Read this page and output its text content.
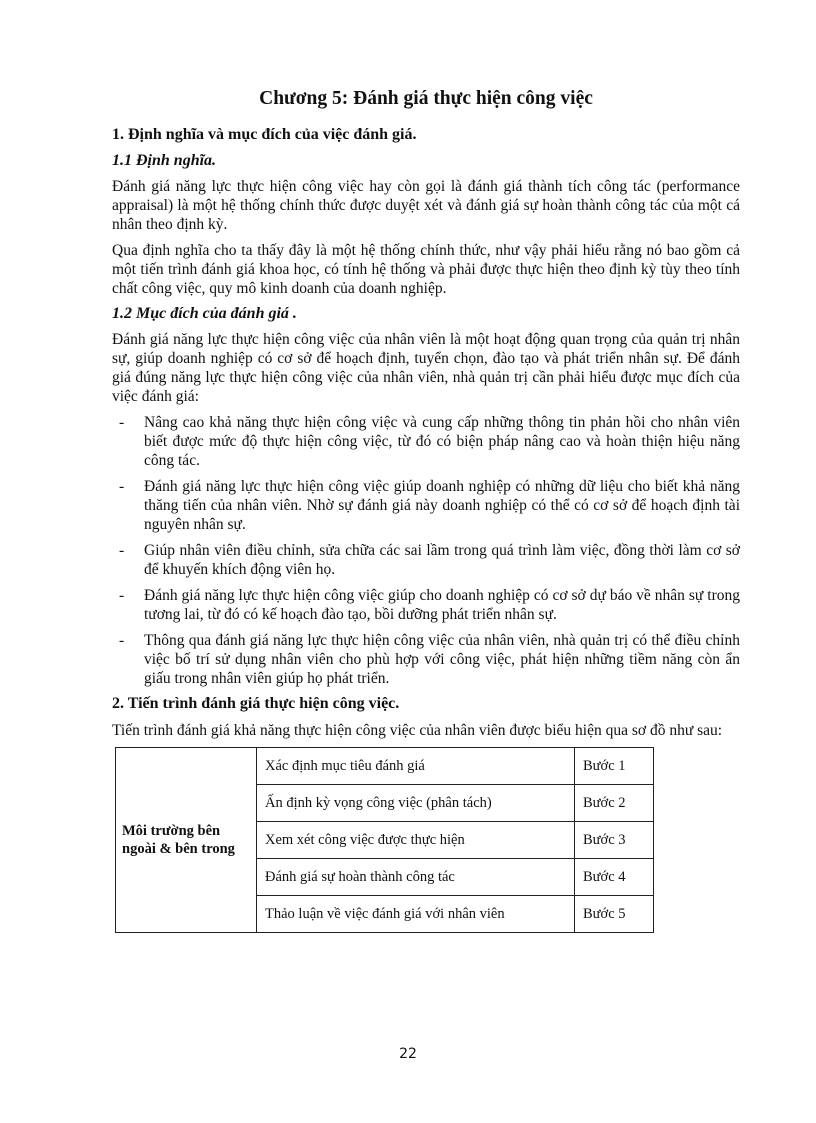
Chương 5: Đánh giá thực hiện công việc
1. Định nghĩa và mục đích của việc đánh giá.
1.1 Định nghĩa.

Đánh giá năng lực thực hiện công việc hay còn gọi là đánh giá thành tích công tác (performance appraisal) là một hệ thống chính thức được duyệt xét và đánh giá sự hoàn thành công tác của một cá nhân theo định kỳ.

Qua định nghĩa cho ta thấy đây là một hệ thống chính thức, như vậy phải hiểu rằng nó bao gồm cả một tiến trình đánh giá khoa học, có tính hệ thống và phải được thực hiện theo định kỳ tùy theo tính chất công việc, quy mô kinh doanh của doanh nghiệp.

1.2 Mục đích của đánh giá .

Đánh giá năng lực thực hiện công việc của nhân viên là một hoạt động quan trọng của quản trị nhân sự, giúp doanh nghiệp có cơ sở để hoạch định, tuyển chọn, đào tạo và phát triển nhân sự. Để đánh giá đúng năng lực thực hiện công việc của nhân viên, nhà quản trị cần phải hiểu được mục đích của việc đánh giá:

- Nâng cao khả năng thực hiện công việc và cung cấp những thông tin phản hồi cho nhân viên biết được mức độ thực hiện công việc, từ đó có biện pháp nâng cao và hoàn thiện hiệu năng công tác.
- Đánh giá năng lực thực hiện công việc giúp doanh nghiệp có những dữ liệu cho biết khả năng thăng tiến của nhân viên. Nhờ sự đánh giá này doanh nghiệp có thể có cơ sở để hoạch định tài nguyên nhân sự.
- Giúp nhân viên điều chỉnh, sửa chữa các sai lầm trong quá trình làm việc, đồng thời làm cơ sở để khuyến khích động viên họ.
- Đánh giá năng lực thực hiện công việc giúp cho doanh nghiệp có cơ sở dự báo về nhân sự trong tương lai, từ đó có kế hoạch đào tạo, bồi dưỡng phát triển nhân sự.
- Thông qua đánh giá năng lực thực hiện công việc của nhân viên, nhà quản trị có thể điều chỉnh việc bố trí sử dụng nhân viên cho phù hợp với công việc, phát hiện những tiềm năng còn ẩn giấu trong nhân viên giúp họ phát triển.
2. Tiến trình đánh giá thực hiện công việc.

Tiến trình đánh giá khả năng thực hiện công việc của nhân viên được biểu hiện qua sơ đồ như sau:

Môi trường bên ngoài & bên trong	Xác định mục tiêu đánh giá	Bước 1
	Ấn định kỳ vọng công việc (phân tách)	Bước 2
	Xem xét công việc được thực hiện	Bước 3
	Đánh giá sự hoàn thành công tác	Bước 4
	Thảo luận về việc đánh giá với nhân viên	Bước 5
22
